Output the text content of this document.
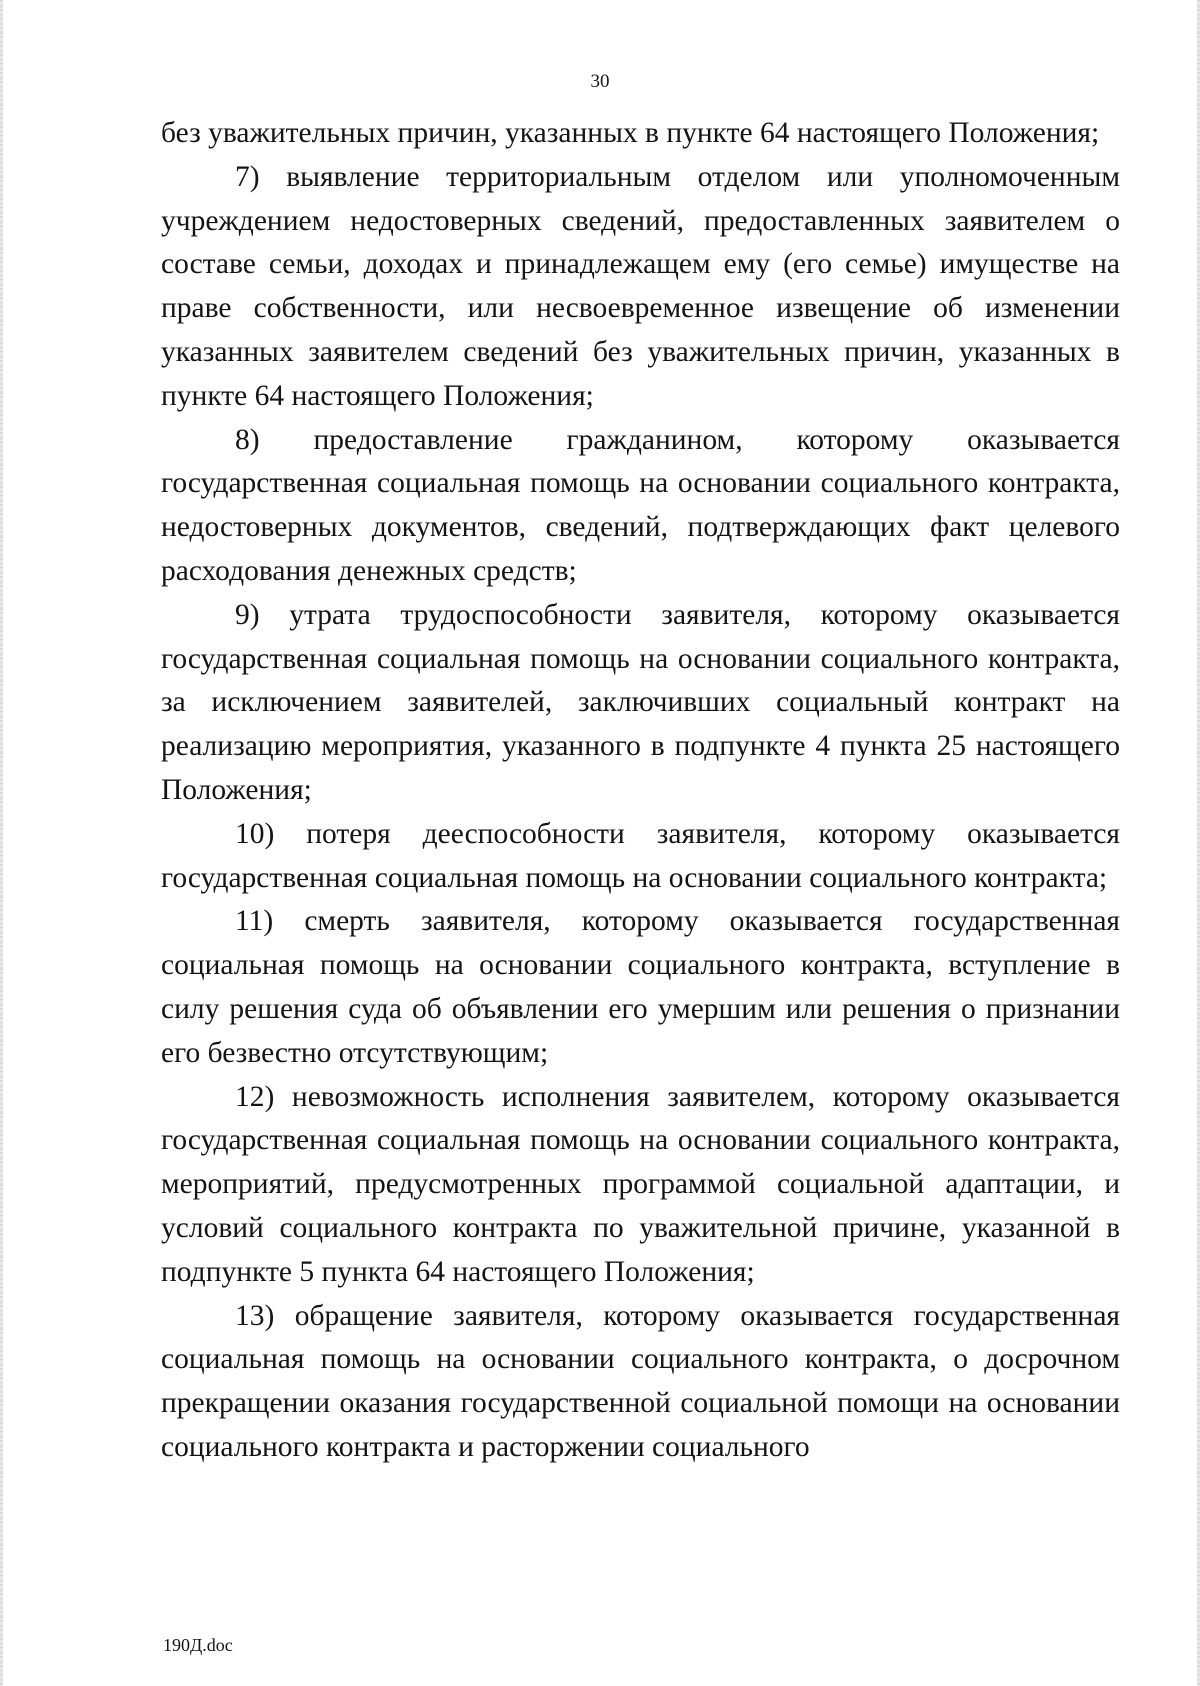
30

без уважительных причин, указанных в пункте 64 настоящего Положения;

7) выявление территориальным отделом или уполномоченным учреждением недостоверных сведений, предоставленных заявителем о составе семьи, доходах и принадлежащем ему (его семье) имуществе на праве собственности, или несвоевременное извещение об изменении указанных заявителем сведений без уважительных причин, указанных в пункте 64 настоящего Положения;

8) предоставление гражданином, которому оказывается государственная социальная помощь на основании социального контракта, недостоверных документов, сведений, подтверждающих факт целевого расходования денежных средств;

9) утрата трудоспособности заявителя, которому оказывается государственная социальная помощь на основании социального контракта, за исключением заявителей, заключивших социальный контракт на реализацию мероприятия, указанного в подпункте 4 пункта 25 настоящего Положения;

10) потеря дееспособности заявителя, которому оказывается государственная социальная помощь на основании социального контракта;

11) смерть заявителя, которому оказывается государственная социальная помощь на основании социального контракта, вступление в силу решения суда об объявлении его умершим или решения о признании его безвестно отсутствующим;

12) невозможность исполнения заявителем, которому оказывается государственная социальная помощь на основании социального контракта, мероприятий, предусмотренных программой социальной адаптации, и условий социального контракта по уважительной причине, указанной в подпункте 5 пункта 64 настоящего Положения;

13) обращение заявителя, которому оказывается государственная социальная помощь на основании социального контракта, о досрочном прекращении оказания государственной социальной помощи на основании социального контракта и расторжении социального

190Д.doc
